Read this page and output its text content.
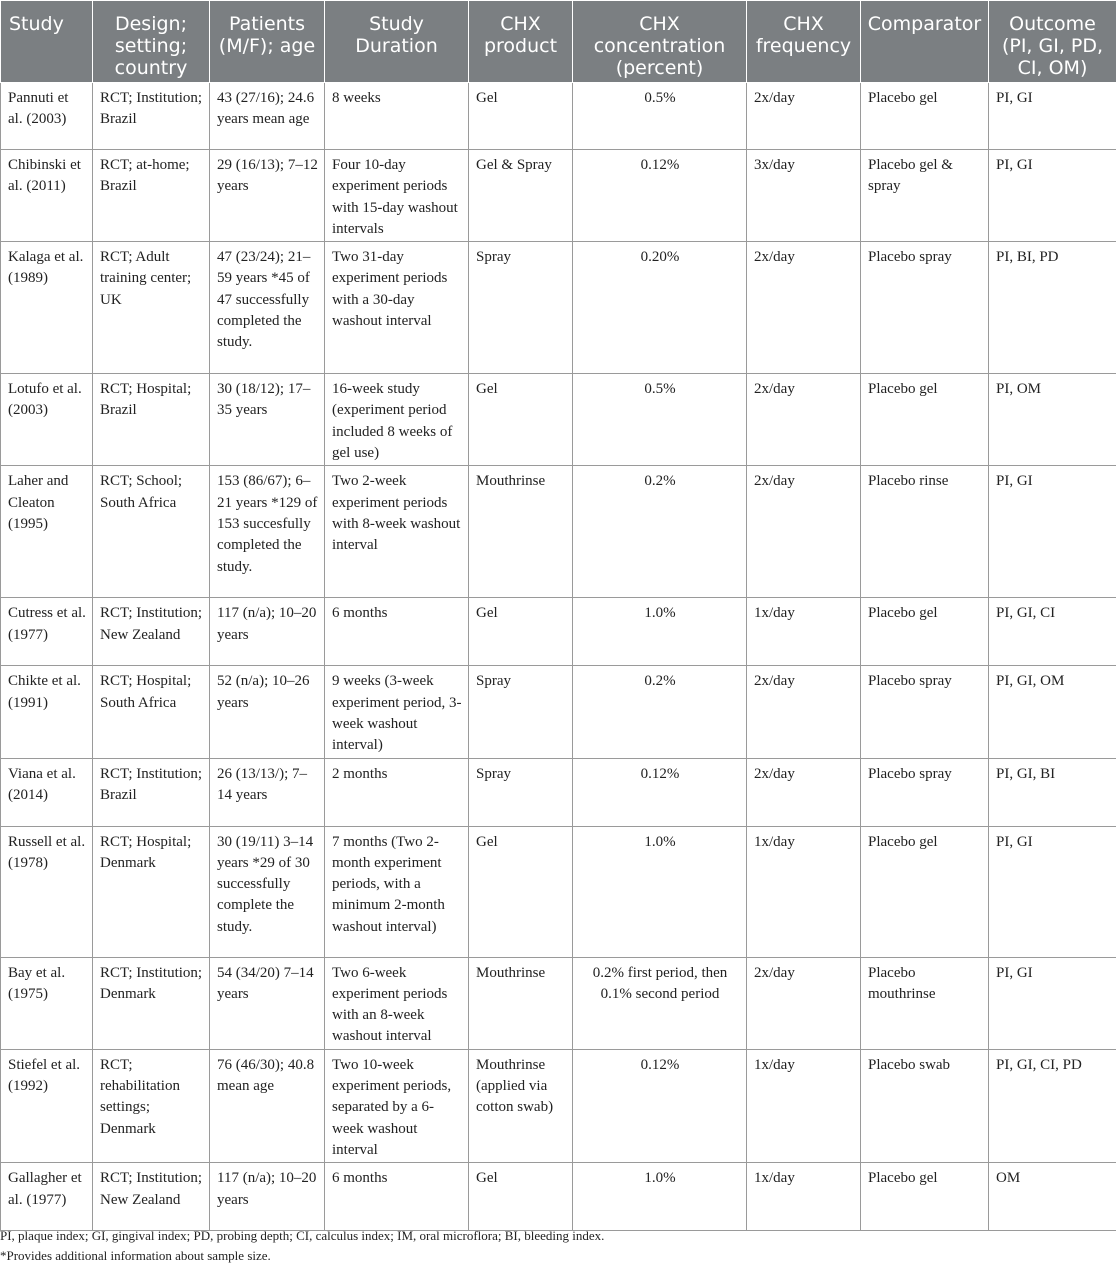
Study	Design; setting; country	Patients (M/F); age	Study Duration	CHX product	CHX concentration (percent)	CHX frequency	Comparator	Outcome (PI, GI, PD, CI, OM)
Pannuti et al. (2003)	RCT; Institution; Brazil	43 (27/16); 24.6 years mean age	8 weeks	Gel	0.5%	2x/day	Placebo gel	PI, GI
Chibinski et al. (2011)	RCT; at-home; Brazil	29 (16/13); 7–12 years	Four 10-day experiment periods with 15-day washout intervals	Gel & Spray	0.12%	3x/day	Placebo gel & spray	PI, GI
Kalaga et al. (1989)	RCT; Adult training center; UK	47 (23/24); 21–59 years *45 of 47 successfully completed the study.	Two 31-day experiment periods with a 30-day washout interval	Spray	0.20%	2x/day	Placebo spray	PI, BI, PD
Lotufo et al. (2003)	RCT; Hospital; Brazil	30 (18/12); 17–35 years	16-week study (experiment period included 8 weeks of gel use)	Gel	0.5%	2x/day	Placebo gel	PI, OM
Laher and Cleaton (1995)	RCT; School; South Africa	153 (86/67); 6–21 years *129 of 153 succesfully completed the study.	Two 2-week experiment periods with 8-week washout interval	Mouthrinse	0.2%	2x/day	Placebo rinse	PI, GI
Cutress et al. (1977)	RCT; Institution; New Zealand	117 (n/a); 10–20 years	6 months	Gel	1.0%	1x/day	Placebo gel	PI, GI, CI
Chikte et al. (1991)	RCT; Hospital; South Africa	52 (n/a); 10–26 years	9 weeks (3-week experiment period, 3-week washout interval)	Spray	0.2%	2x/day	Placebo spray	PI, GI, OM
Viana et al. (2014)	RCT; Institution; Brazil	26 (13/13/); 7–14 years	2 months	Spray	0.12%	2x/day	Placebo spray	PI, GI, BI
Russell et al. (1978)	RCT; Hospital; Denmark	30 (19/11) 3–14 years *29 of 30 successfully complete the study.	7 months (Two 2-month experiment periods, with a minimum 2-month washout interval)	Gel	1.0%	1x/day	Placebo gel	PI, GI
Bay et al. (1975)	RCT; Institution; Denmark	54 (34/20) 7–14 years	Two 6-week experiment periods with an 8-week washout interval	Mouthrinse	0.2% first period, then 0.1% second period	2x/day	Placebo mouthrinse	PI, GI
Stiefel et al. (1992)	RCT; rehabilitation settings; Denmark	76 (46/30); 40.8 mean age	Two 10-week experiment periods, separated by a 6-week washout interval	Mouthrinse (applied via cotton swab)	0.12%	1x/day	Placebo swab	PI, GI, CI, PD
Gallagher et al. (1977)	RCT; Institution; New Zealand	117 (n/a); 10–20 years	6 months	Gel	1.0%	1x/day	Placebo gel	OM
PI, plaque index; GI, gingival index; PD, probing depth; CI, calculus index; IM, oral microflora; BI, bleeding index.
*Provides additional information about sample size.
